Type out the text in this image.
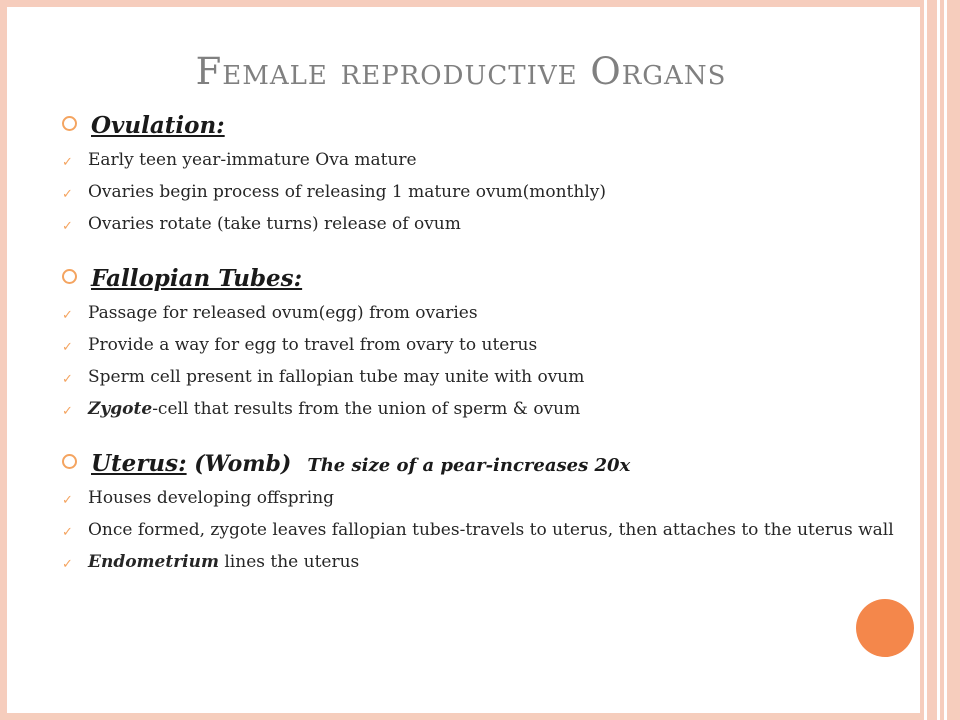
Female reproductive Organs
Ovulation:
✓ Early teen year-immature Ova mature
✓ Ovaries begin process of releasing 1 mature ovum(monthly)
✓ Ovaries rotate (take turns) release of ovum
Fallopian Tubes:
✓ Passage for released ovum(egg) from ovaries
✓ Provide a way for egg to travel from ovary to uterus
✓ Sperm cell present in fallopian tube may unite with ovum
✓ Zygote-cell that results from the union of sperm & ovum
Uterus: (Womb) The size of a pear-increases 20x
✓ Houses developing offspring
✓ Once formed, zygote leaves fallopian tubes-travels to uterus, then attaches to the uterus wall
✓ Endometrium lines the uterus
